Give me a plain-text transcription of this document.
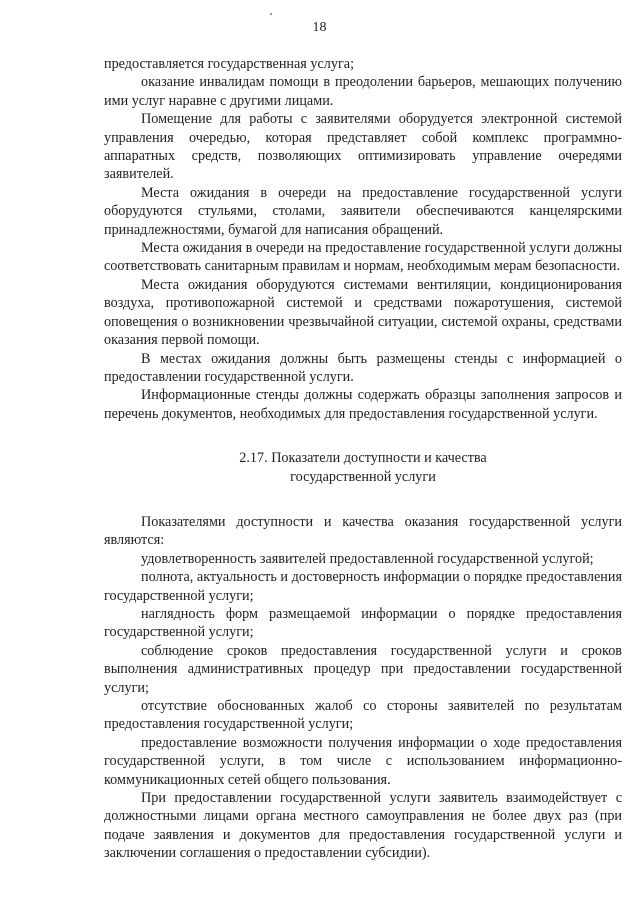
18

предоставляется государственная услуга;

оказание инвалидам помощи в преодолении барьеров, мешающих получению ими услуг наравне с другими лицами.

Помещение для работы с заявителями оборудуется электронной системой управления очередью, которая представляет собой комплекс программно-аппаратных средств, позволяющих оптимизировать управление очередями заявителей.

Места ожидания в очереди на предоставление государственной услуги оборудуются стульями, столами, заявители обеспечиваются канцелярскими принадлежностями, бумагой для написания обращений.

Места ожидания в очереди на предоставление государственной услуги должны соответствовать санитарным правилам и нормам, необходимым мерам безопасности.

Места ожидания оборудуются системами вентиляции, кондиционирования воздуха, противопожарной системой и средствами пожаротушения, системой оповещения о возникновении чрезвычайной ситуации, системой охраны, средствами оказания первой помощи.

В местах ожидания должны быть размещены стенды с информацией о предоставлении государственной услуги.

Информационные стенды должны содержать образцы заполнения запросов и перечень документов, необходимых для предоставления государственной услуги.

2.17. Показатели доступности и качества
государственной услуги

Показателями доступности и качества оказания государственной услуги являются:

удовлетворенность заявителей предоставленной государственной услугой;

полнота, актуальность и достоверность информации о порядке предоставления государственной услуги;

наглядность форм размещаемой информации о порядке предоставления государственной услуги;

соблюдение сроков предоставления государственной услуги и сроков выполнения административных процедур при предоставлении государственной услуги;

отсутствие обоснованных жалоб со стороны заявителей по результатам предоставления государственной услуги;

предоставление возможности получения информации о ходе предоставления государственной услуги, в том числе с использованием информационно-коммуникационных сетей общего пользования.

При предоставлении государственной услуги заявитель взаимодействует с должностными лицами органа местного самоуправления не более двух раз (при подаче заявления и документов для предоставления государственной услуги и заключении соглашения о предоставлении субсидии).
